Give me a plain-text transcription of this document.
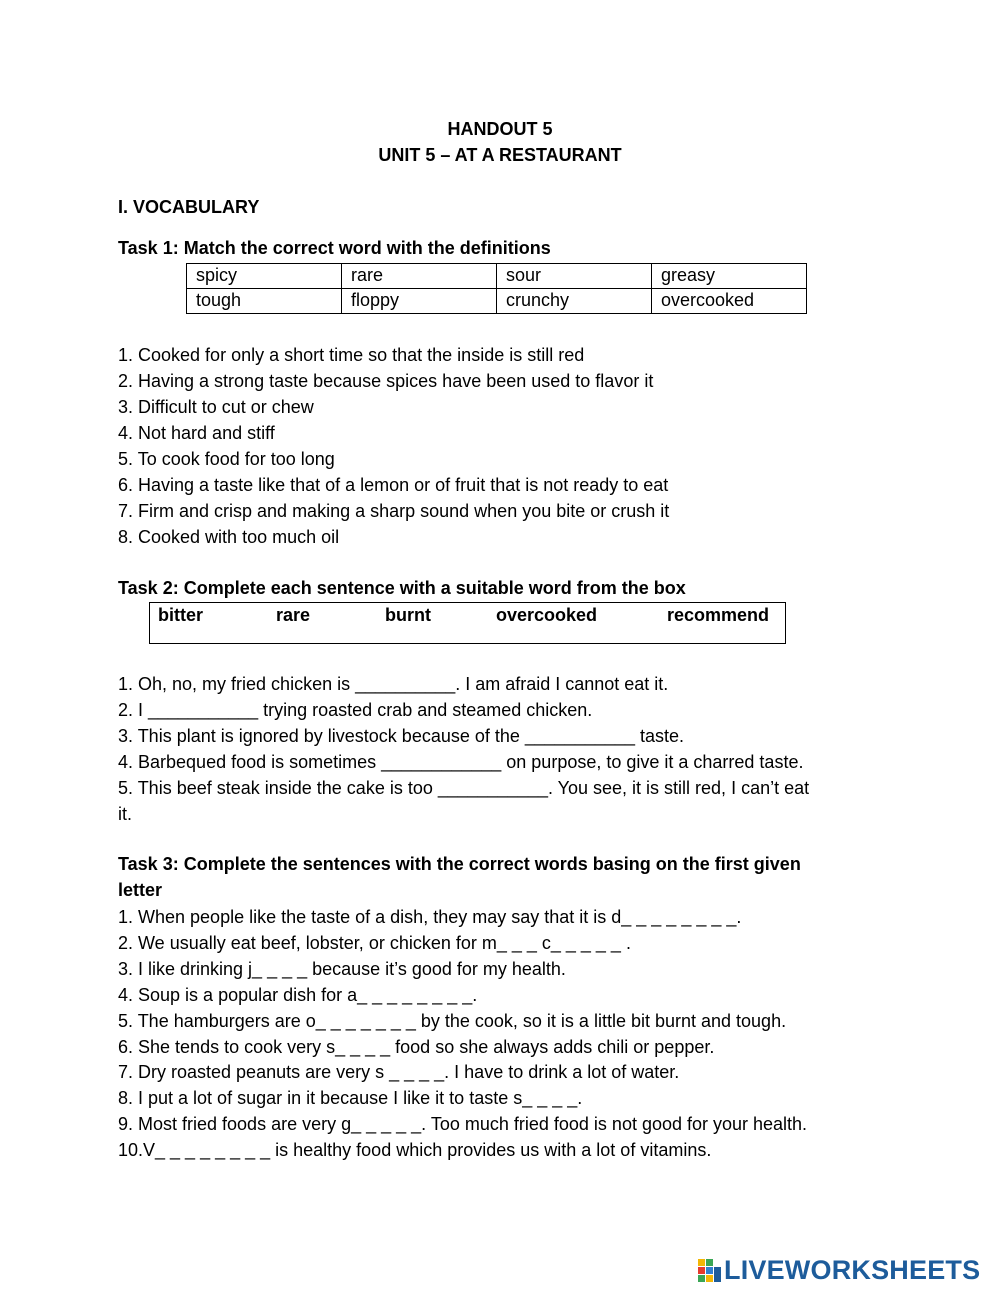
HANDOUT 5
UNIT 5 – AT A RESTAURANT
I. VOCABULARY
Task 1: Match the correct word with the definitions
spicy	rare	sour	greasy
tough	floppy	crunchy	overcooked
1. Cooked for only a short time so that the inside is still red
2. Having a strong taste because spices have been used to flavor it
3. Difficult to cut or chew
4. Not hard and stiff
5. To cook food for too long
6. Having a taste like that of a lemon or of fruit that is not ready to eat
7. Firm and crisp and making a sharp sound when you bite or crush it
8. Cooked with too much oil
Task 2: Complete each sentence with a suitable word from the box
bitter	rare	burnt	overcooked	recommend
1. Oh, no, my fried chicken is __________. I am afraid I cannot eat it.
2. I ___________ trying roasted crab and steamed chicken.
3. This plant is ignored by livestock because of the ___________ taste.
4. Barbequed food is sometimes ____________ on purpose, to give it a charred taste.
5. This beef steak inside the cake is too ___________. You see, it is still red, I can’t eat
it.
Task 3: Complete the sentences with the correct words basing on the first given
letter
1. When people like the taste of a dish, they may say that it is d_ _ _ _ _ _ _ _.
2. We usually eat beef, lobster, or chicken for m_ _ _ c_ _ _ _ _ .
3. I like drinking j_ _ _ _ because it’s good for my health.
4. Soup is a popular dish for a_ _ _ _ _ _ _ _.
5. The hamburgers are o_ _ _ _ _ _ _ by the cook, so it is a little bit burnt and tough.
6. She tends to cook very s_ _ _ _ food so she always adds chili or pepper.
7. Dry roasted peanuts are very s _ _ _ _. I have to drink a lot of water.
8. I put a lot of sugar in it because I like it to taste s_ _ _ _.
9. Most fried foods are very g_ _ _ _ _. Too much fried food is not good for your health.
10.V_ _ _ _ _ _ _ _ is healthy food which provides us with a lot of vitamins.
LIVEWORKSHEETS
